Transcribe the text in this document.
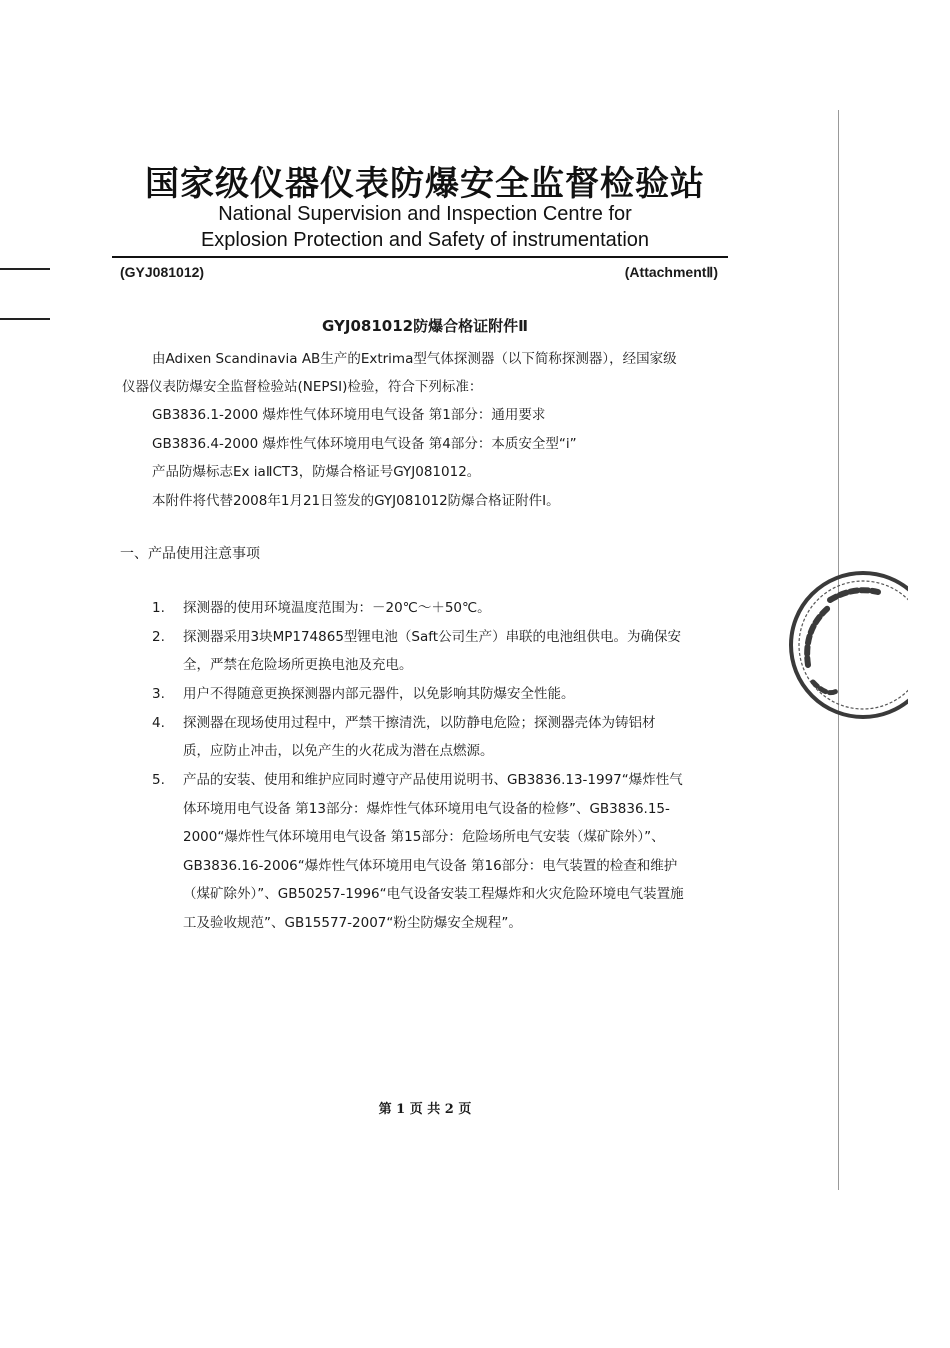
国家级仪器仪表防爆安全监督检验站
National Supervision and Inspection Centre for
Explosion Protection and Safety of instrumentation
(GYJ081012)	(AttachmentⅡ)
GYJ081012防爆合格证附件Ⅱ
由Adixen Scandinavia AB生产的Extrima型气体探测器（以下简称探测器），经国家级
仪器仪表防爆安全监督检验站(NEPSI)检验，符合下列标准：
GB3836.1-2000 爆炸性气体环境用电气设备 第1部分：通用要求
GB3836.4-2000 爆炸性气体环境用电气设备 第4部分：本质安全型“i”
产品防爆标志Ex iaⅡCT3，防爆合格证号GYJ081012。
本附件将代替2008年1月21日签发的GYJ081012防爆合格证附件Ⅰ。
一、产品使用注意事项
1. 探测器的使用环境温度范围为：－20℃～＋50℃。
2. 探测器采用3块MP174865型锂电池（Saft公司生产）串联的电池组供电。为确保安
全，严禁在危险场所更换电池及充电。
3. 用户不得随意更换探测器内部元器件，以免影响其防爆安全性能。
4. 探测器在现场使用过程中，严禁干擦清洗，以防静电危险；探测器壳体为铸铝材
质，应防止冲击，以免产生的火花成为潜在点燃源。
5. 产品的安装、使用和维护应同时遵守产品使用说明书、GB3836.13-1997“爆炸性气
体环境用电气设备 第13部分：爆炸性气体环境用电气设备的检修”、GB3836.15-
2000“爆炸性气体环境用电气设备 第15部分：危险场所电气安装（煤矿除外）”、
GB3836.16-2006“爆炸性气体环境用电气设备 第16部分：电气装置的检查和维护
（煤矿除外）”、GB50257-1996“电气设备安装工程爆炸和火灾危险环境电气装置施
工及验收规范”、GB15577-2007“粉尘防爆安全规程”。
第 1 页 共 2 页
